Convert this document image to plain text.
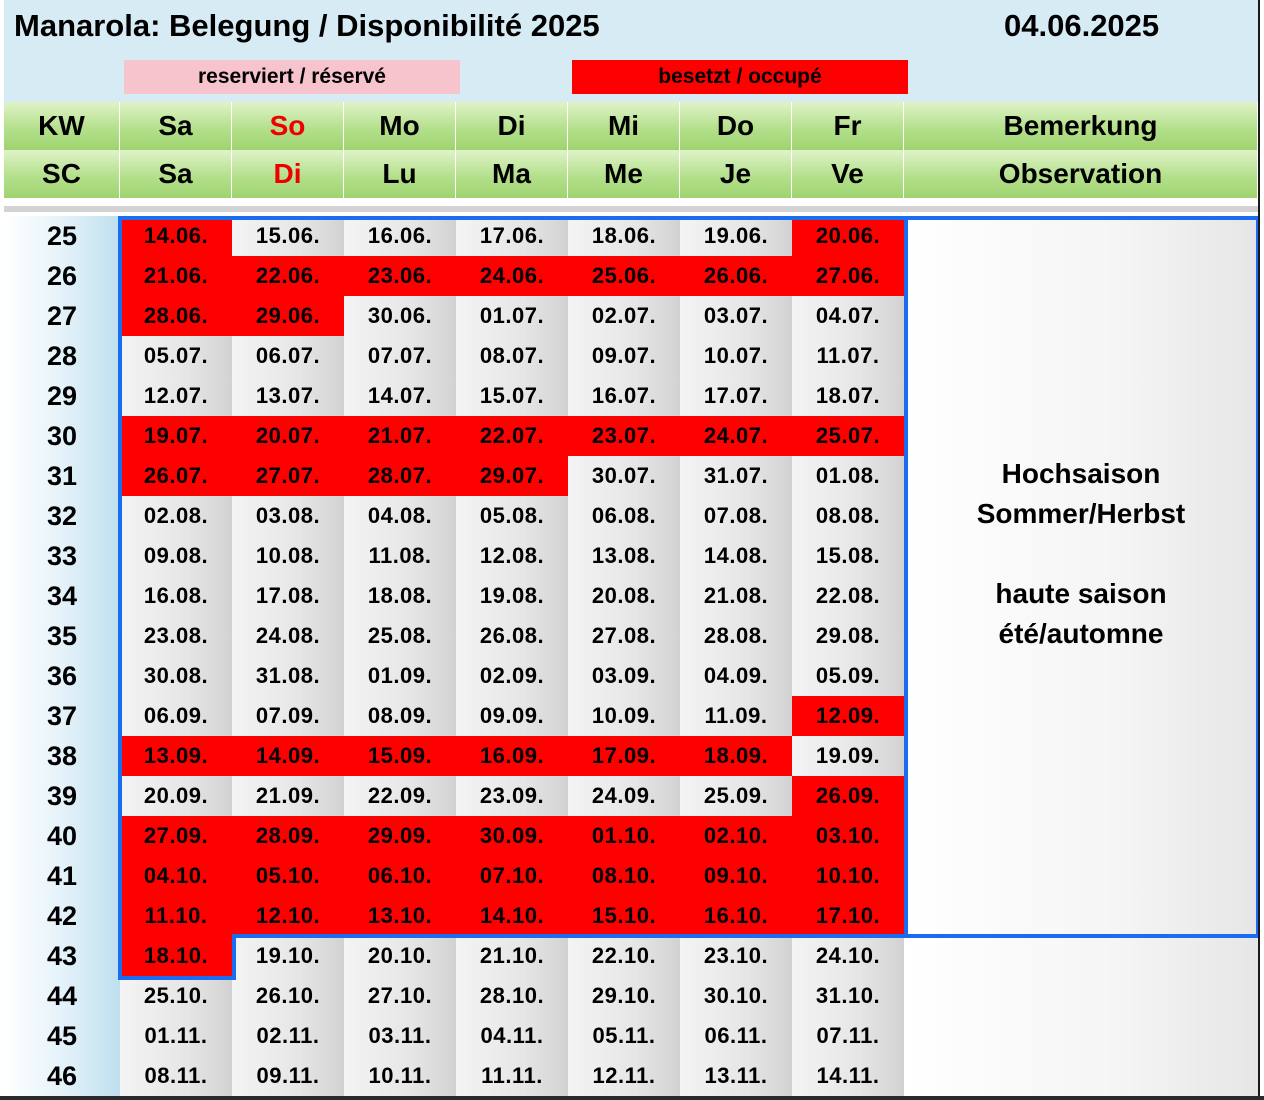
Manarola: Belegung / Disponibilité 2025	04.06.2025
reserviert / réservé	besetzt / occupé
KW	Sa	So	Mo	Di	Mi	Do	Fr	Bemerkung
SC	Sa	Di	Lu	Ma	Me	Je	Ve	Observation
25	14.06.	15.06.	16.06.	17.06.	18.06.	19.06.	20.06.
26	21.06.	22.06.	23.06.	24.06.	25.06.	26.06.	27.06.
27	28.06.	29.06.	30.06.	01.07.	02.07.	03.07.	04.07.
28	05.07.	06.07.	07.07.	08.07.	09.07.	10.07.	11.07.
29	12.07.	13.07.	14.07.	15.07.	16.07.	17.07.	18.07.
30	19.07.	20.07.	21.07.	22.07.	23.07.	24.07.	25.07.
31	26.07.	27.07.	28.07.	29.07.	30.07.	31.07.	01.08.
32	02.08.	03.08.	04.08.	05.08.	06.08.	07.08.	08.08.
33	09.08.	10.08.	11.08.	12.08.	13.08.	14.08.	15.08.
34	16.08.	17.08.	18.08.	19.08.	20.08.	21.08.	22.08.
35	23.08.	24.08.	25.08.	26.08.	27.08.	28.08.	29.08.
36	30.08.	31.08.	01.09.	02.09.	03.09.	04.09.	05.09.
37	06.09.	07.09.	08.09.	09.09.	10.09.	11.09.	12.09.
38	13.09.	14.09.	15.09.	16.09.	17.09.	18.09.	19.09.
39	20.09.	21.09.	22.09.	23.09.	24.09.	25.09.	26.09.
40	27.09.	28.09.	29.09.	30.09.	01.10.	02.10.	03.10.
41	04.10.	05.10.	06.10.	07.10.	08.10.	09.10.	10.10.
42	11.10.	12.10.	13.10.	14.10.	15.10.	16.10.	17.10.
43	18.10.	19.10.	20.10.	21.10.	22.10.	23.10.	24.10.
44	25.10.	26.10.	27.10.	28.10.	29.10.	30.10.	31.10.
45	01.11.	02.11.	03.11.	04.11.	05.11.	06.11.	07.11.
46	08.11.	09.11.	10.11.	11.11.	12.11.	13.11.	14.11.
Hochsaison
Sommer/Herbst
haute saison
été/automne
